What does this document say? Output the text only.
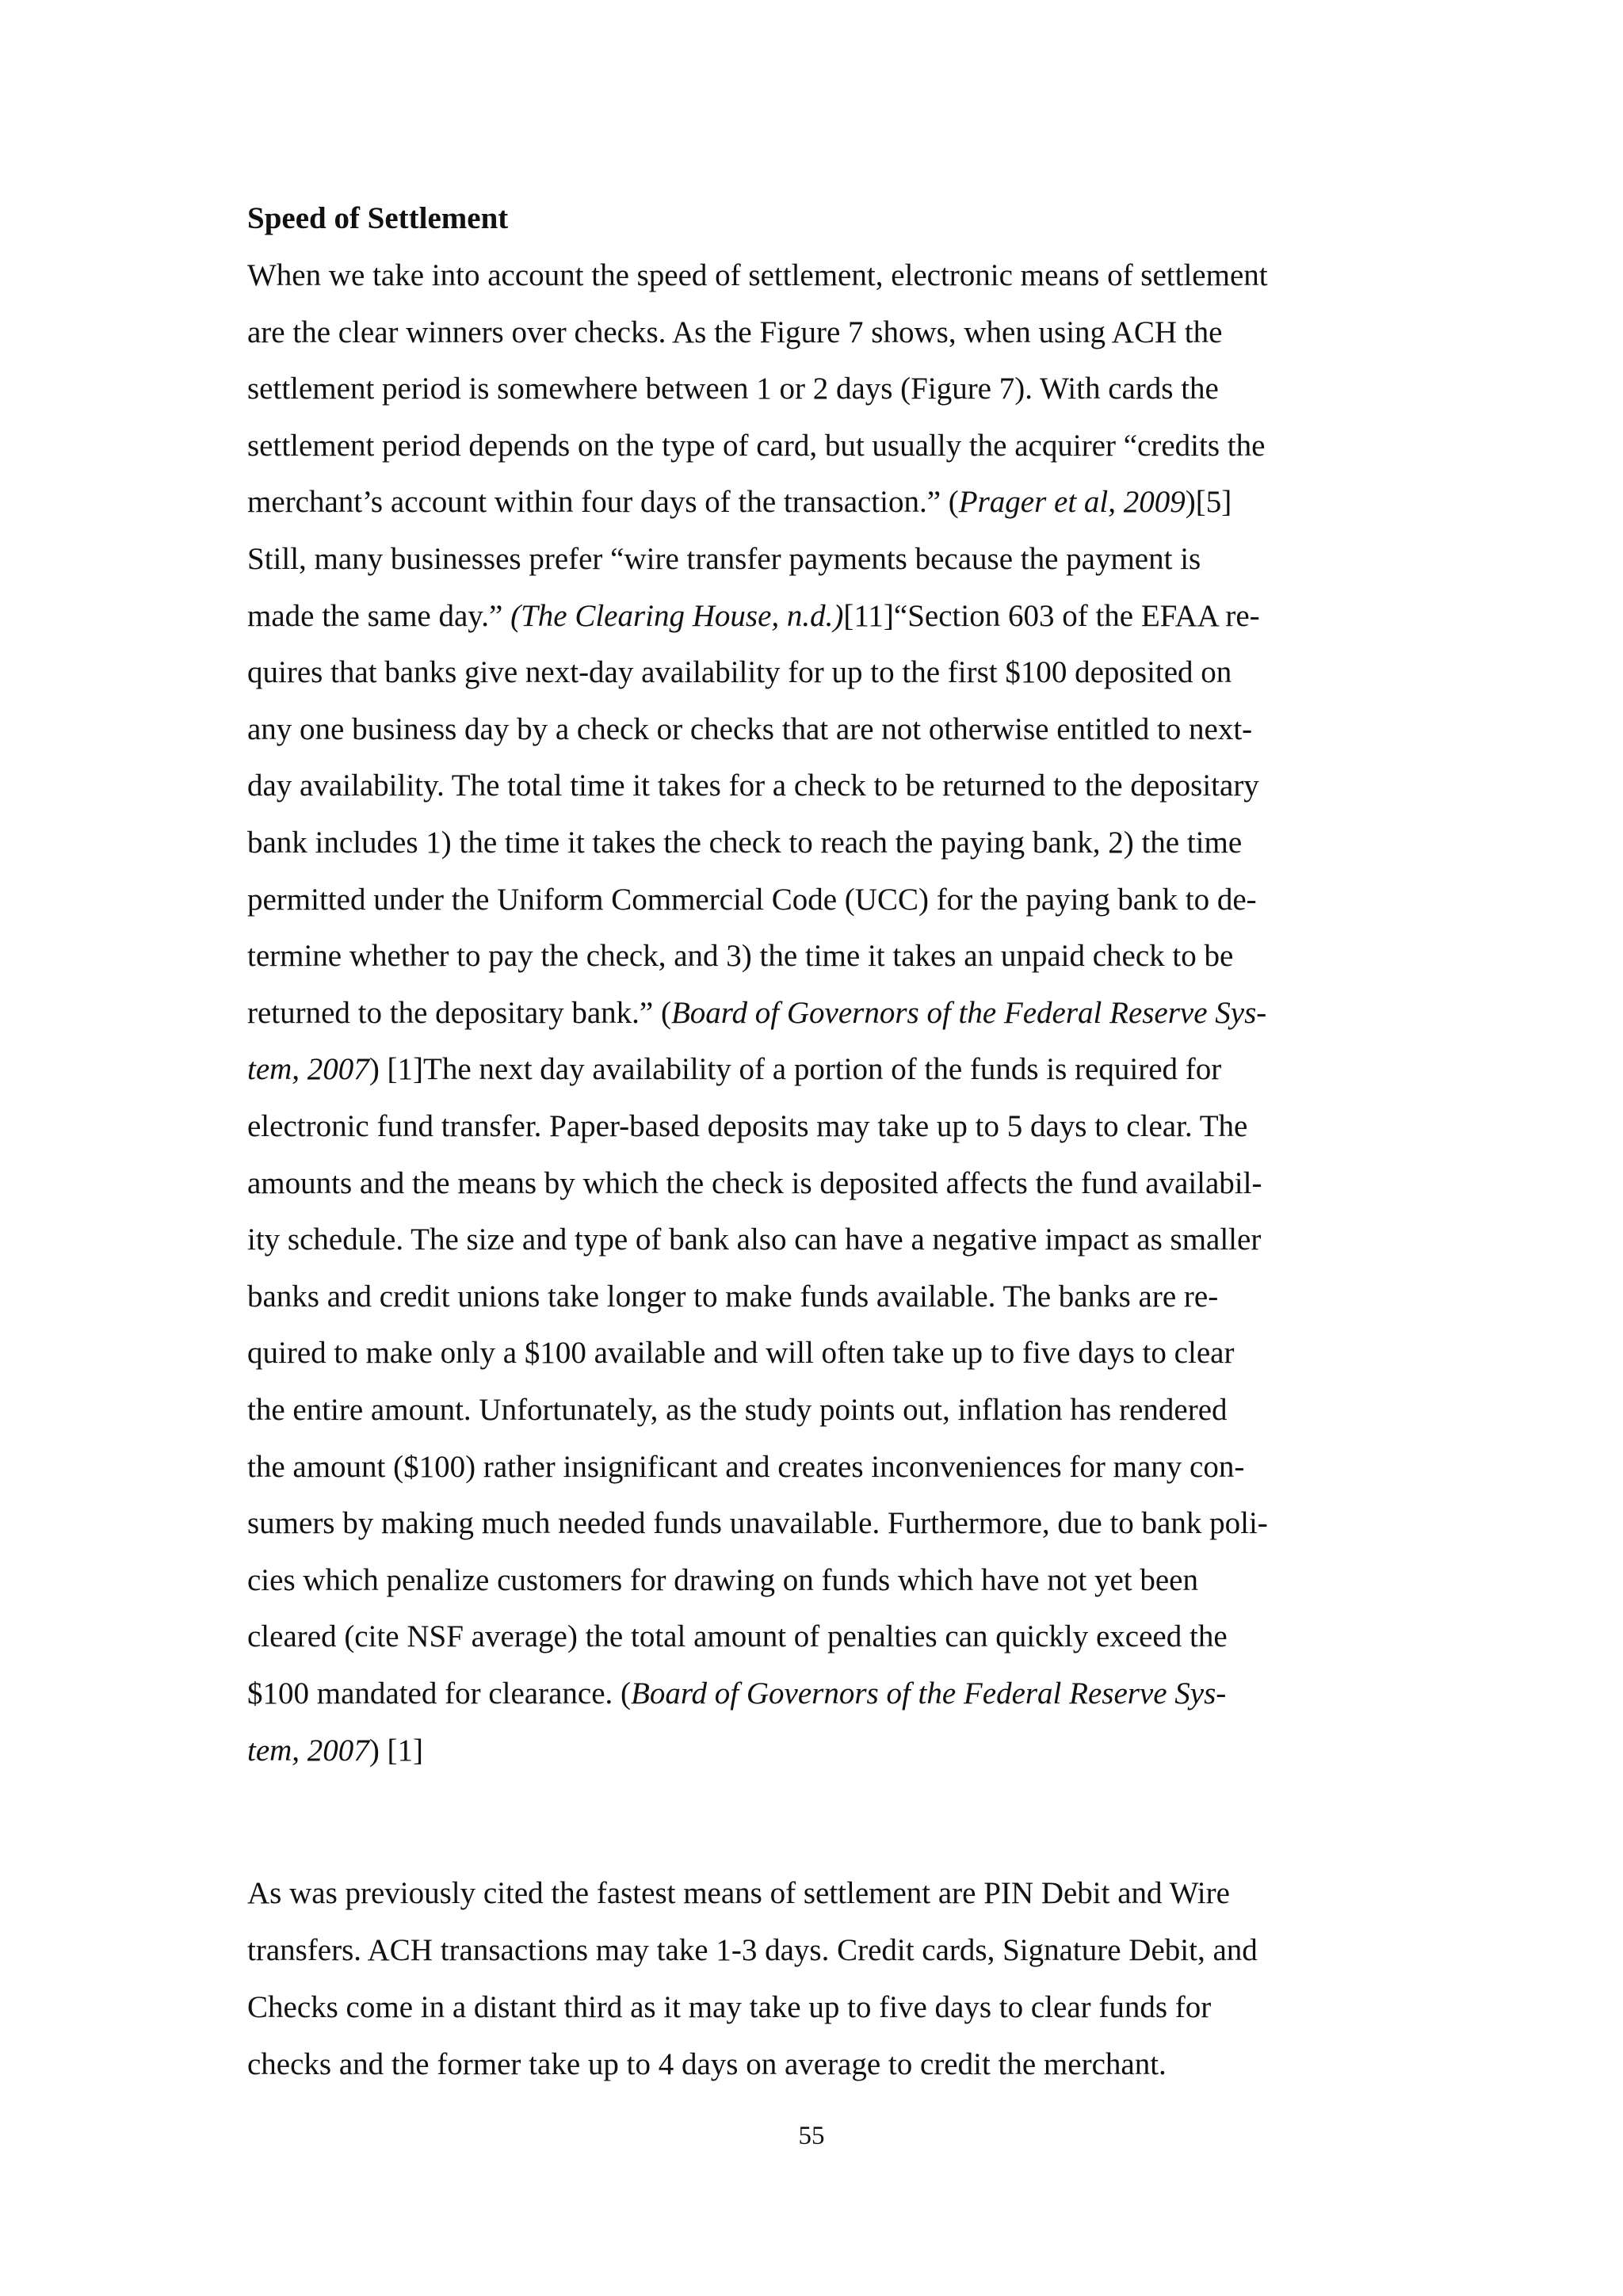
Speed of Settlement
When we take into account the speed of settlement, electronic means of settlement
are the clear winners over checks. As the Figure 7 shows, when using ACH the
settlement period is somewhere between 1 or 2 days (Figure 7). With cards the
settlement period depends on the type of card, but usually the acquirer “credits the
merchant’s account within four days of the transaction.” (Prager et al, 2009)[5]
Still, many businesses prefer “wire transfer payments because the payment is
made the same day.” (The Clearing House, n.d.)[11]“Section 603 of the EFAA re-
quires that banks give next-day availability for up to the first $100 deposited on
any one business day by a check or checks that are not otherwise entitled to next-
day availability. The total time it takes for a check to be returned to the depositary
bank includes 1) the time it takes the check to reach the paying bank, 2) the time
permitted under the Uniform Commercial Code (UCC) for the paying bank to de-
termine whether to pay the check, and 3) the time it takes an unpaid check to be
returned to the depositary bank.” (Board of Governors of the Federal Reserve Sys-
tem, 2007) [1]The next day availability of a portion of the funds is required for
electronic fund transfer. Paper-based deposits may take up to 5 days to clear. The
amounts and the means by which the check is deposited affects the fund availabil-
ity schedule. The size and type of bank also can have a negative impact as smaller
banks and credit unions take longer to make funds available. The banks are re-
quired to make only a $100 available and will often take up to five days to clear
the entire amount. Unfortunately, as the study points out, inflation has rendered
the amount ($100) rather insignificant and creates inconveniences for many con-
sumers by making much needed funds unavailable. Furthermore, due to bank poli-
cies which penalize customers for drawing on funds which have not yet been
cleared (cite NSF average) the total amount of penalties can quickly exceed the
$100 mandated for clearance. (Board of Governors of the Federal Reserve Sys-
tem, 2007) [1]
As was previously cited the fastest means of settlement are PIN Debit and Wire
transfers. ACH transactions may take 1-3 days. Credit cards, Signature Debit, and
Checks come in a distant third as it may take up to five days to clear funds for
checks and the former take up to 4 days on average to credit the merchant.
55
